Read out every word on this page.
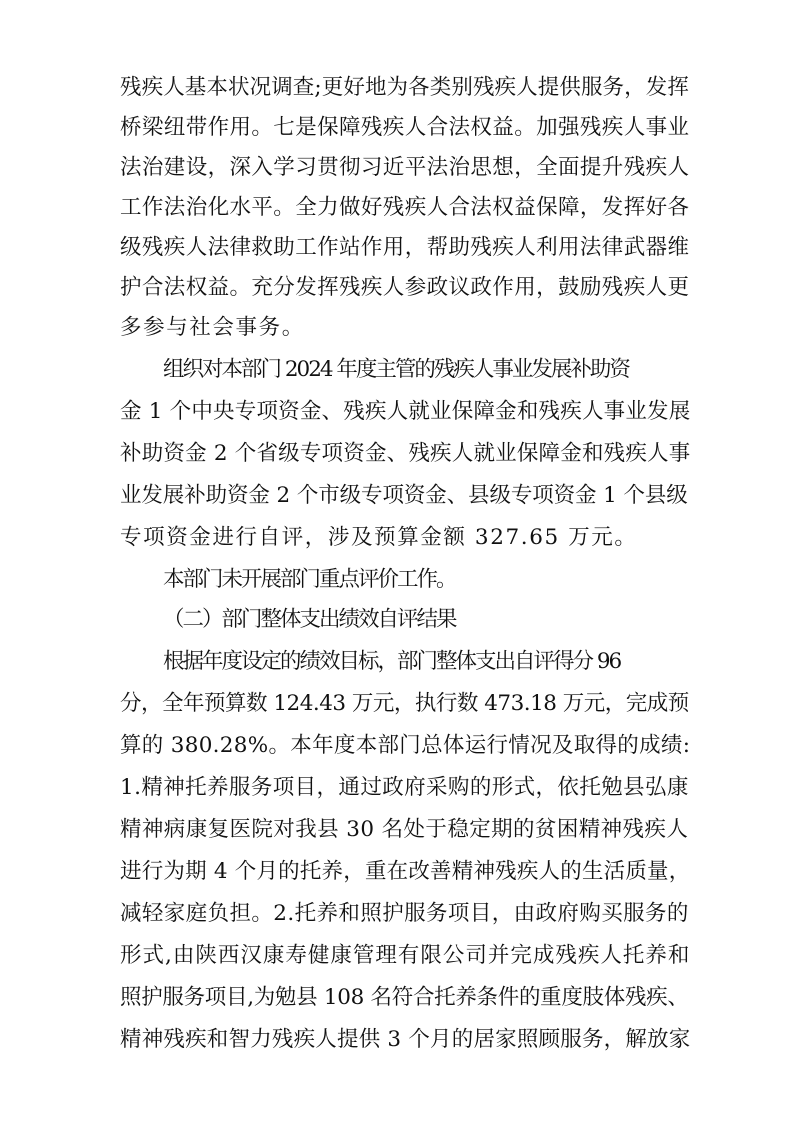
残疾人基本状况调查;更好地为各类别残疾人提供服务，发挥
桥梁纽带作用。七是保障残疾人合法权益。加强残疾人事业
法治建设，深入学习贯彻习近平法治思想，全面提升残疾人
工作法治化水平。全力做好残疾人合法权益保障，发挥好各
级残疾人法律救助工作站作用，帮助残疾人利用法律武器维
护合法权益。充分发挥残疾人参政议政作用，鼓励残疾人更
多参与社会事务。
组织对本部门 2024 年度主管的残疾人事业发展补助资
金 1 个中央专项资金、残疾人就业保障金和残疾人事业发展
补助资金 2 个省级专项资金、残疾人就业保障金和残疾人事
业发展补助资金 2 个市级专项资金、县级专项资金 1 个县级
专项资金进行自评，涉及预算金额 327.65 万元。
本部门未开展部门重点评价工作。
（二）部门整体支出绩效自评结果
根据年度设定的绩效目标，部门整体支出自评得分 96
分，全年预算数 124.43 万元，执行数 473.18 万元，完成预
算的 380.28%。本年度本部门总体运行情况及取得的成绩:
1.精神托养服务项目，通过政府采购的形式，依托勉县弘康
精神病康复医院对我县 30 名处于稳定期的贫困精神残疾人
进行为期 4 个月的托养，重在改善精神残疾人的生活质量，
减轻家庭负担。2.托养和照护服务项目，由政府购买服务的
形式,由陕西汉康寿健康管理有限公司并完成残疾人托养和
照护服务项目,为勉县 108 名符合托养条件的重度肢体残疾、
精神残疾和智力残疾人提供 3 个月的居家照顾服务，解放家
